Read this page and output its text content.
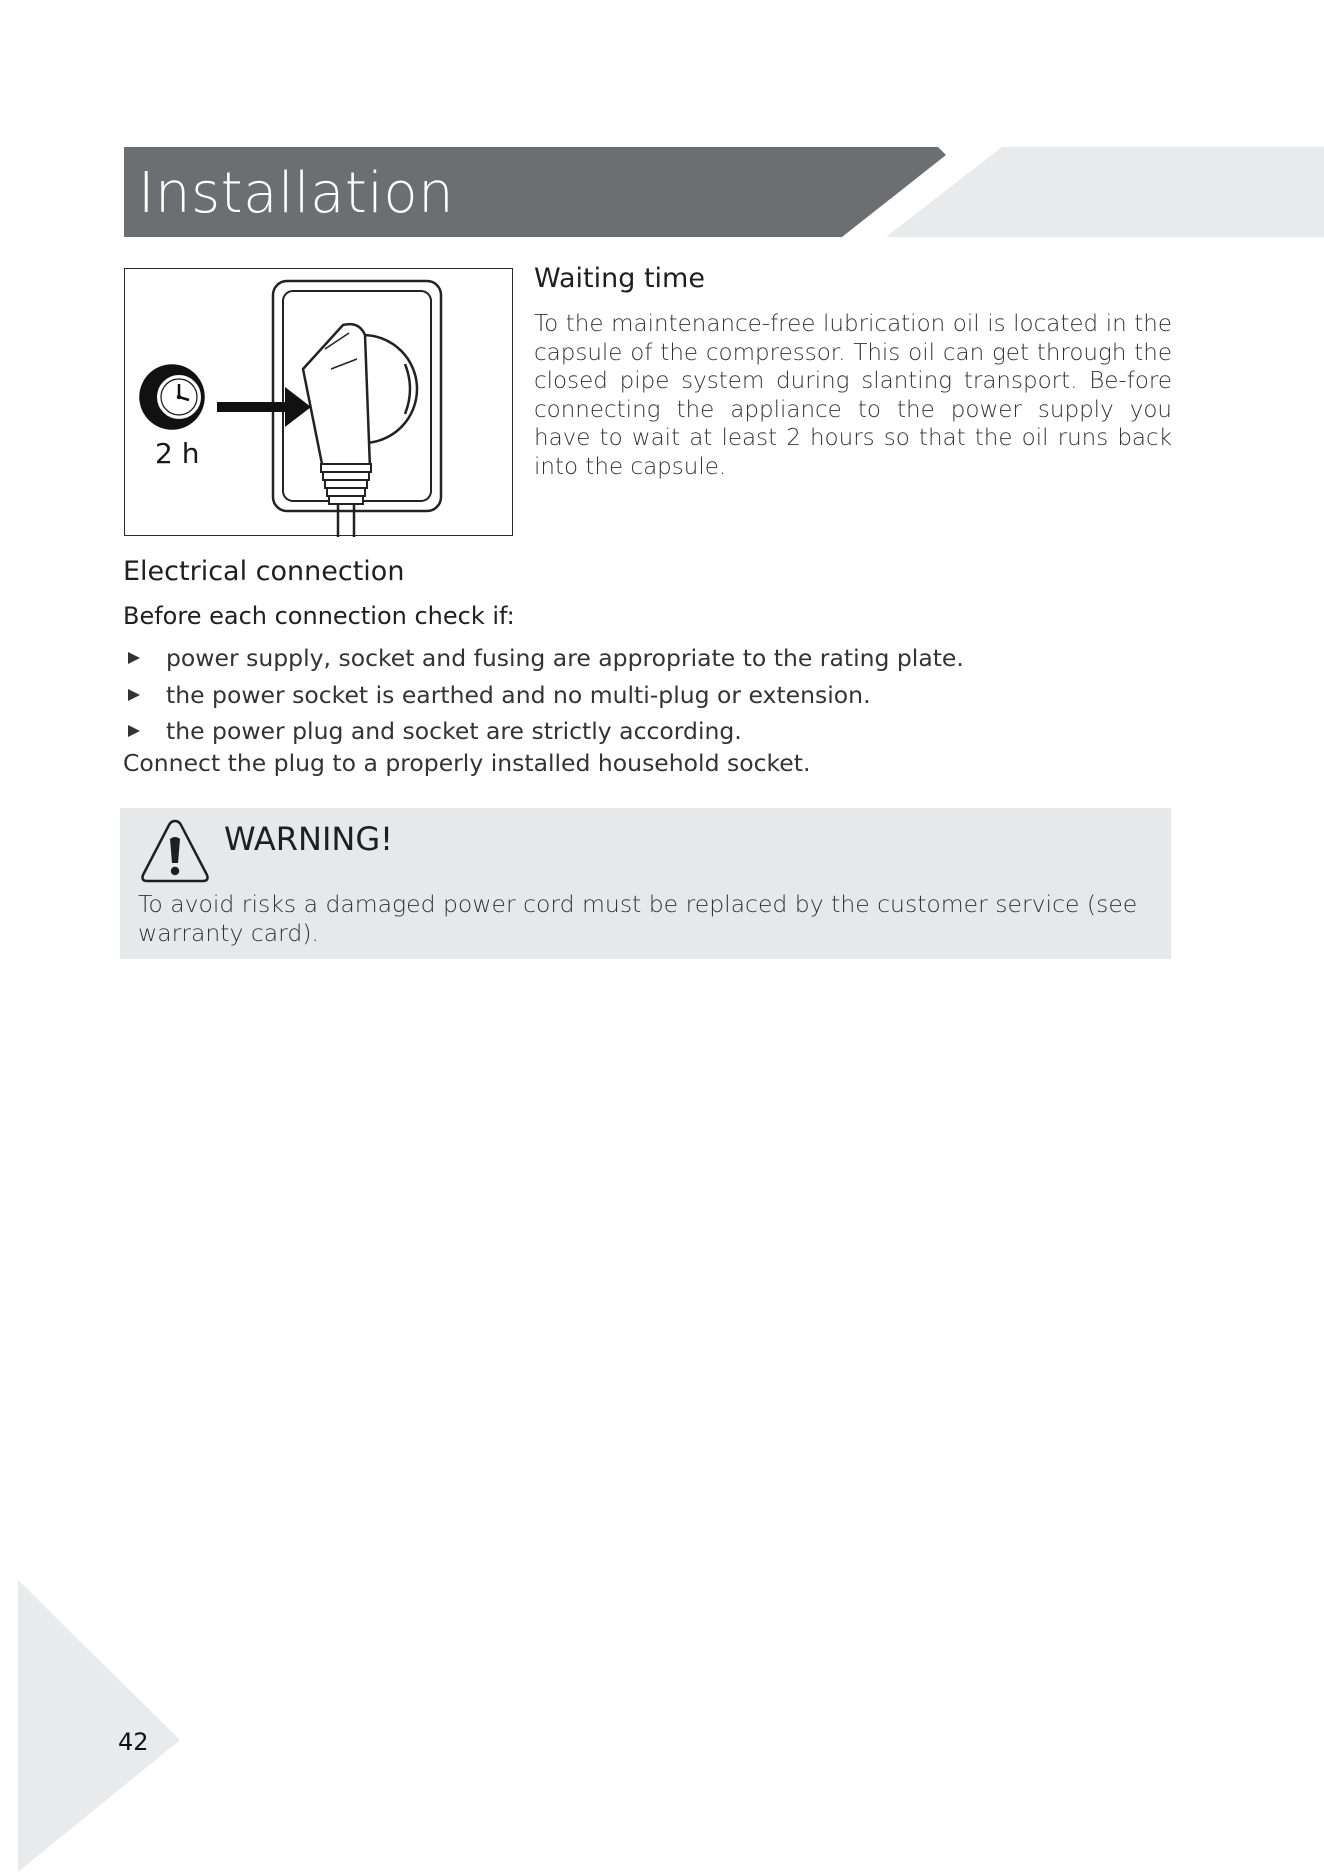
Installation
2 h
Waiting time

To the maintenance-free lubrication oil is located in the capsule of the compressor. This oil can get through the closed pipe system during slanting transport. Be-fore connecting the appliance to the power supply you have to wait at least 2 hours so that the oil runs back into the capsule.

Electrical connection

Before each connection check if:

power supply, socket and fusing are appropriate to the rating plate.
the power socket is earthed and no multi-plug or extension.
the power plug and socket are strictly according.

Connect the plug to a properly installed household socket.

WARNING!

To avoid risks a damaged power cord must be replaced by the customer service (see warranty card).

42
